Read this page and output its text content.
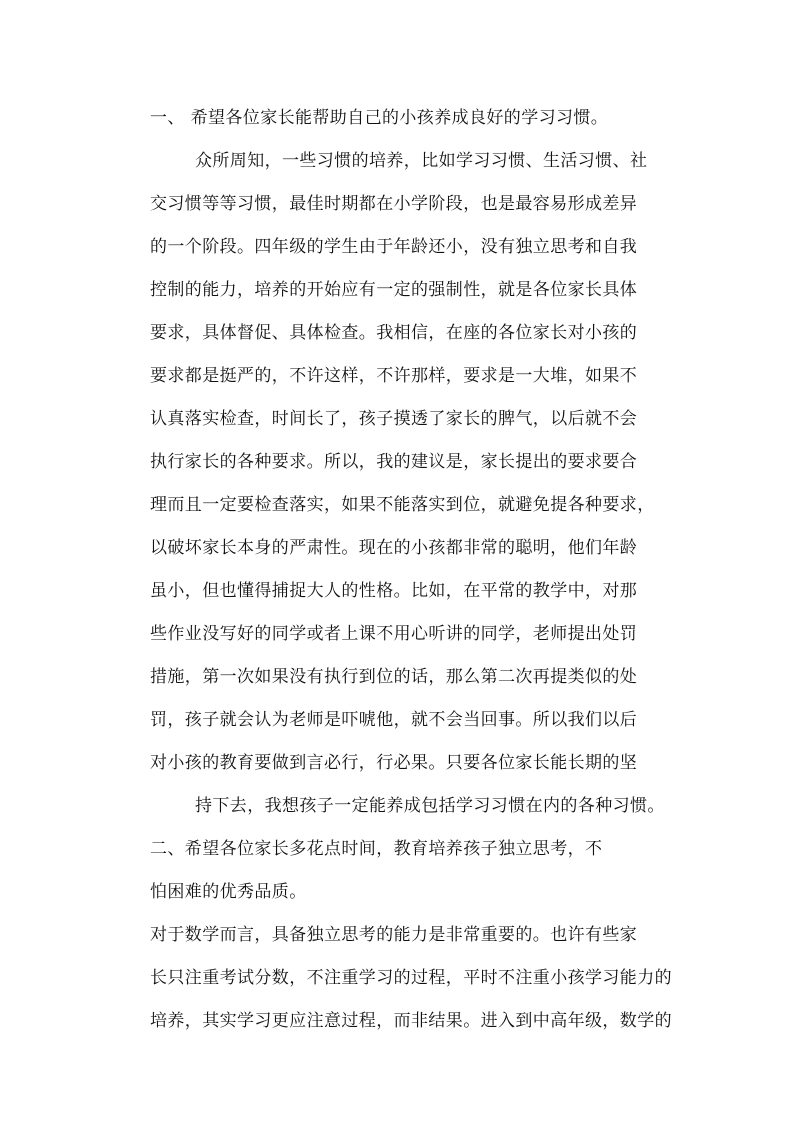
一、 希望各位家长能帮助自己的小孩养成良好的学习习惯。
众所周知，一些习惯的培养，比如学习习惯、生活习惯、社
交习惯等等习惯，最佳时期都在小学阶段，也是最容易形成差异
的一个阶段。四年级的学生由于年龄还小，没有独立思考和自我
控制的能力，培养的开始应有一定的强制性，就是各位家长具体
要求，具体督促、具体检查。我相信，在座的各位家长对小孩的
要求都是挺严的，不许这样，不许那样，要求是一大堆，如果不
认真落实检查，时间长了，孩子摸透了家长的脾气，以后就不会
执行家长的各种要求。所以，我的建议是，家长提出的要求要合
理而且一定要检查落实，如果不能落实到位，就避免提各种要求，
以破坏家长本身的严肃性。现在的小孩都非常的聪明，他们年龄
虽小，但也懂得捕捉大人的性格。比如，在平常的教学中，对那
些作业没写好的同学或者上课不用心听讲的同学，老师提出处罚
措施，第一次如果没有执行到位的话，那么第二次再提类似的处
罚，孩子就会认为老师是吓唬他，就不会当回事。所以我们以后
对小孩的教育要做到言必行，行必果。只要各位家长能长期的坚
持下去，我想孩子一定能养成包括学习习惯在内的各种习惯。
二、希望各位家长多花点时间，教育培养孩子独立思考，不
怕困难的优秀品质。
对于数学而言，具备独立思考的能力是非常重要的。也许有些家
长只注重考试分数，不注重学习的过程，平时不注重小孩学习能力的
培养，其实学习更应注意过程，而非结果。进入到中高年级，数学的
